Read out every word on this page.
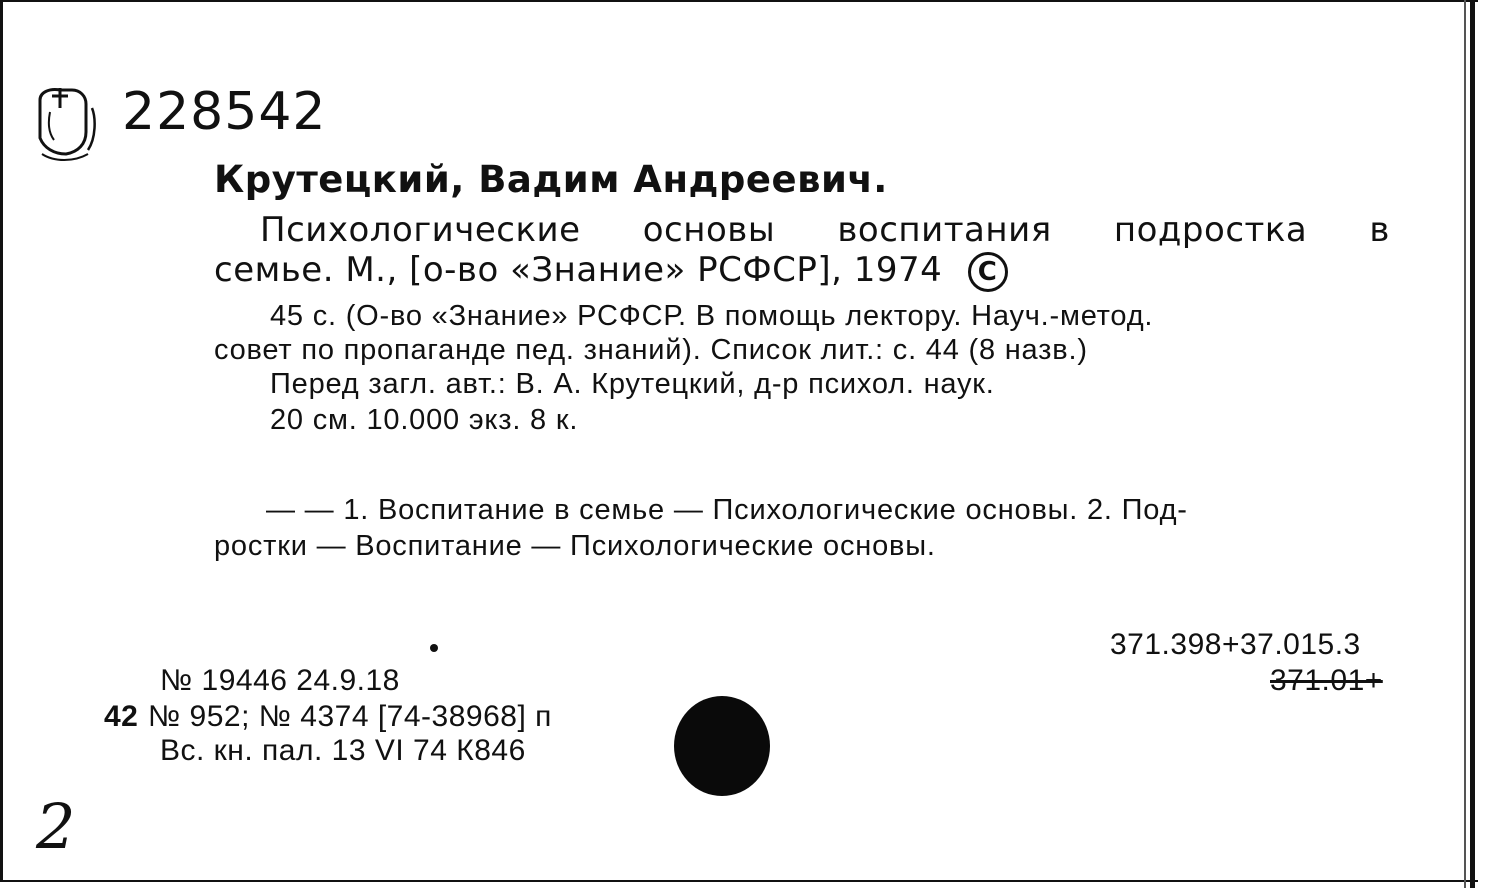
228542
Крутецкий, Вадим Андреевич.
Психологические основы воспитания подростка в
семье. М., [о-во «Знание» РСФСР], 1974 C
45 с. (О-во «Знание» РСФСР. В помощь лектору. Науч.-метод.
совет по пропаганде пед. знаний). Список лит.: с. 44 (8 назв.)
Перед загл. авт.: В. А. Крутецкий, д-р психол. наук.
20 см. 10.000 экз. 8 к.
— — 1. Воспитание в семье — Психологические основы. 2. Под-
ростки — Воспитание — Психологические основы.
№ 19446 24.9.18
42 № 952; № 4374 [74-38968] п
Вс. кн. пал. 13 VI 74 К846
371.398+37.015.3
371.01+
2
